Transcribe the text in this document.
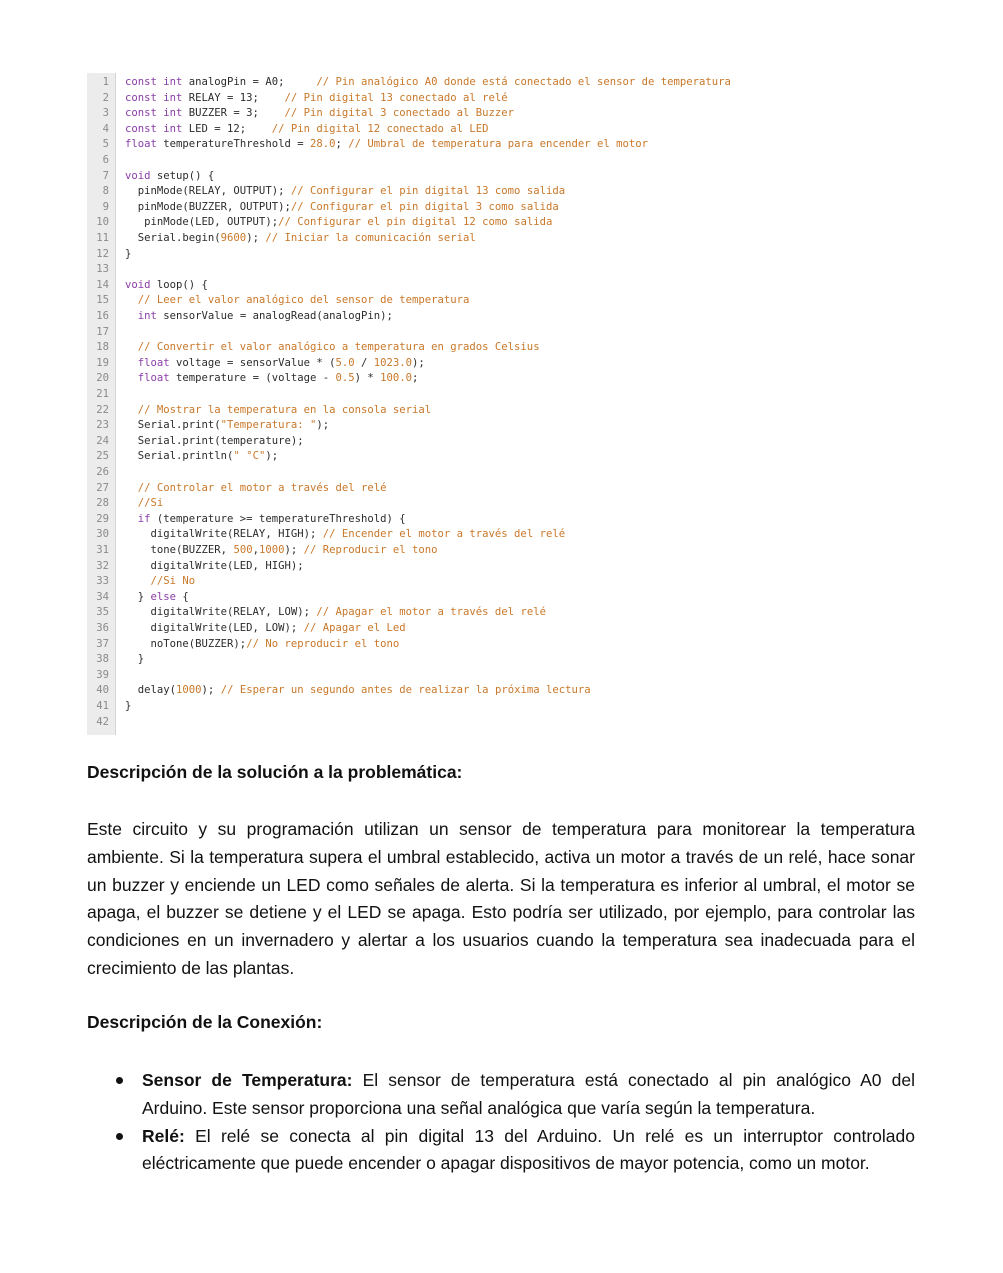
1 const int analogPin = A0;     // Pin analógico A0 donde está conectado el sensor de temperatura
2 const int RELAY = 13;    // Pin digital 13 conectado al relé
3 const int BUZZER = 3;    // Pin digital 3 conectado al Buzzer
4 const int LED = 12;    // Pin digital 12 conectado al LED
5 float temperatureThreshold = 28.0; // Umbral de temperatura para encender el motor
6
7 void setup() {
8 pinMode(RELAY, OUTPUT); // Configurar el pin digital 13 como salida
9 pinMode(BUZZER, OUTPUT);// Configurar el pin digital 3 como salida
10 pinMode(LED, OUTPUT);// Configurar el pin digital 12 como salida
11 Serial.begin(9600); // Iniciar la comunicación serial
12 }
13
14 void loop() {
15 // Leer el valor analógico del sensor de temperatura
16 int sensorValue = analogRead(analogPin);
17
18 // Convertir el valor analógico a temperatura en grados Celsius
19 float voltage = sensorValue * (5.0 / 1023.0);
20 float temperature = (voltage - 0.5) * 100.0;
21
22 // Mostrar la temperatura en la consola serial
23 Serial.print("Temperatura: ");
24 Serial.print(temperature);
25 Serial.println(" °C");
26
27 // Controlar el motor a través del relé
28 //Si
29 if (temperature >= temperatureThreshold) {
30 digitalWrite(RELAY, HIGH); // Encender el motor a través del relé
31 tone(BUZZER, 500,1000); // Reproducir el tono
32 digitalWrite(LED, HIGH);
33 //Si No
34 } else {
35 digitalWrite(RELAY, LOW); // Apagar el motor a través del relé
36 digitalWrite(LED, LOW); // Apagar el Led
37 noTone(BUZZER);// No reproducir el tono
38 }
39
40 delay(1000); // Esperar un segundo antes de realizar la próxima lectura
41 }
42

Descripción de la solución a la problemática:

Este circuito y su programación utilizan un sensor de temperatura para monitorear la temperatura ambiente. Si la temperatura supera el umbral establecido, activa un motor a través de un relé, hace sonar un buzzer y enciende un LED como señales de alerta. Si la temperatura es inferior al umbral, el motor se apaga, el buzzer se detiene y el LED se apaga. Esto podría ser utilizado, por ejemplo, para controlar las condiciones en un invernadero y alertar a los usuarios cuando la temperatura sea inadecuada para el crecimiento de las plantas.

Descripción de la Conexión:

Sensor de Temperatura: El sensor de temperatura está conectado al pin analógico A0 del Arduino. Este sensor proporciona una señal analógica que varía según la temperatura.
Relé: El relé se conecta al pin digital 13 del Arduino. Un relé es un interruptor controlado eléctricamente que puede encender o apagar dispositivos de mayor potencia, como un motor.
